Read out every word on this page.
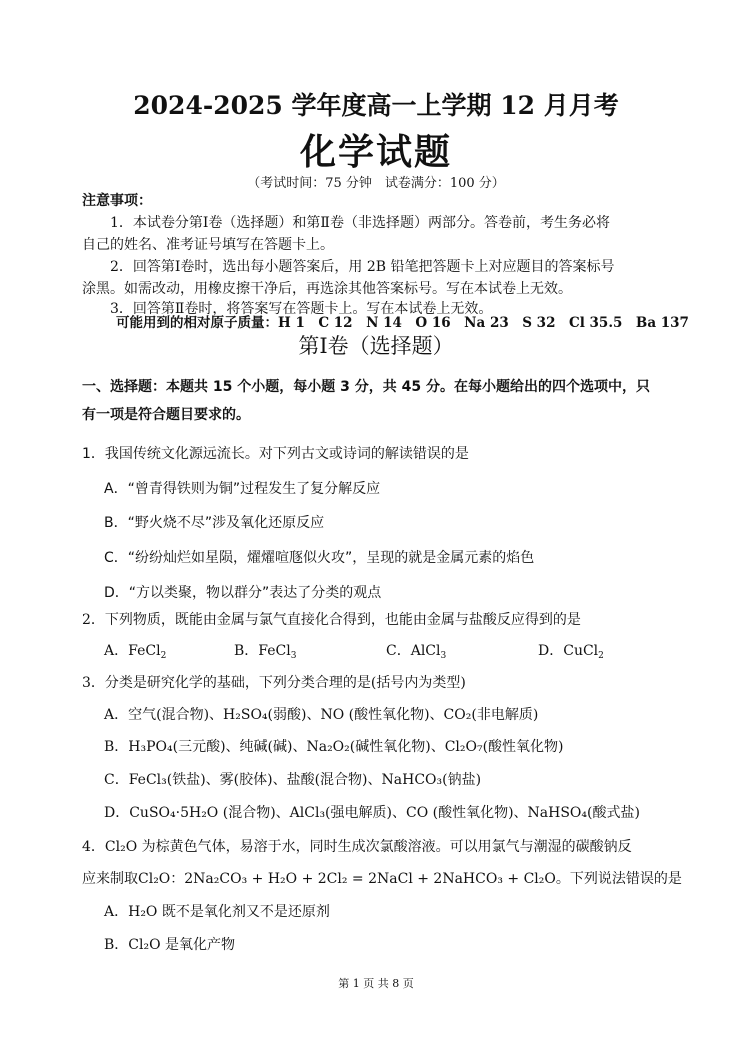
2024-2025 学年度高一上学期 12 月月考
化学试题
（考试时间：75 分钟　试卷满分：100 分）
注意事项：
1．本试卷分第Ⅰ卷（选择题）和第Ⅱ卷（非选择题）两部分。答卷前，考生务必将
自己的姓名、准考证号填写在答题卡上。
2．回答第Ⅰ卷时，选出每小题答案后，用 2B 铅笔把答题卡上对应题目的答案标号
涂黑。如需改动，用橡皮擦干净后，再选涂其他答案标号。写在本试卷上无效。
3．回答第Ⅱ卷时，将答案写在答题卡上。写在本试卷上无效。
可能用到的相对原子质量：H 1　C 12　N 14　O 16　Na 23　S 32　Cl 35.5　Ba 137
第Ⅰ卷（选择题）
一、选择题：本题共 15 个小题，每小题 3 分，共 45 分。在每小题给出的四个选项中，只
有一项是符合题目要求的。
1．我国传统文化源远流长。对下列古文或诗词的解读错误的是
A．“曾青得铁则为铜”过程发生了复分解反应
B．“野火烧不尽”涉及氧化还原反应
C．“纷纷灿烂如星陨，燿燿喧豗似火攻”，呈现的就是金属元素的焰色
D．“方以类聚，物以群分”表达了分类的观点
2．下列物质，既能由金属与氯气直接化合得到，也能由金属与盐酸反应得到的是
A．FeCl$_2$	B．FeCl$_3$	C．AlCl$_3$	D．CuCl$_2$
3．分类是研究化学的基础，下列分类合理的是(括号内为类型)
A．空气(混合物)、H₂SO₄(弱酸)、NO (酸性氧化物)、CO₂(非电解质)
B．H₃PO₄(三元酸)、纯碱(碱)、Na₂O₂(碱性氧化物)、Cl₂O₇(酸性氧化物)
C．FeCl₃(铁盐)、雾(胶体)、盐酸(混合物)、NaHCO₃(钠盐)
D．CuSO₄·5H₂O (混合物)、AlCl₃(强电解质)、CO (酸性氧化物)、NaHSO₄(酸式盐)
4．Cl₂O 为棕黄色气体，易溶于水，同时生成次氯酸溶液。可以用氯气与潮湿的碳酸钠反
应来制取Cl₂O：2Na₂CO₃ + H₂O + 2Cl₂ = 2NaCl + 2NaHCO₃ + Cl₂O。下列说法错误的是
A．H₂O 既不是氧化剂又不是还原剂
B．Cl₂O 是氧化产物
第 1 页 共 8 页
